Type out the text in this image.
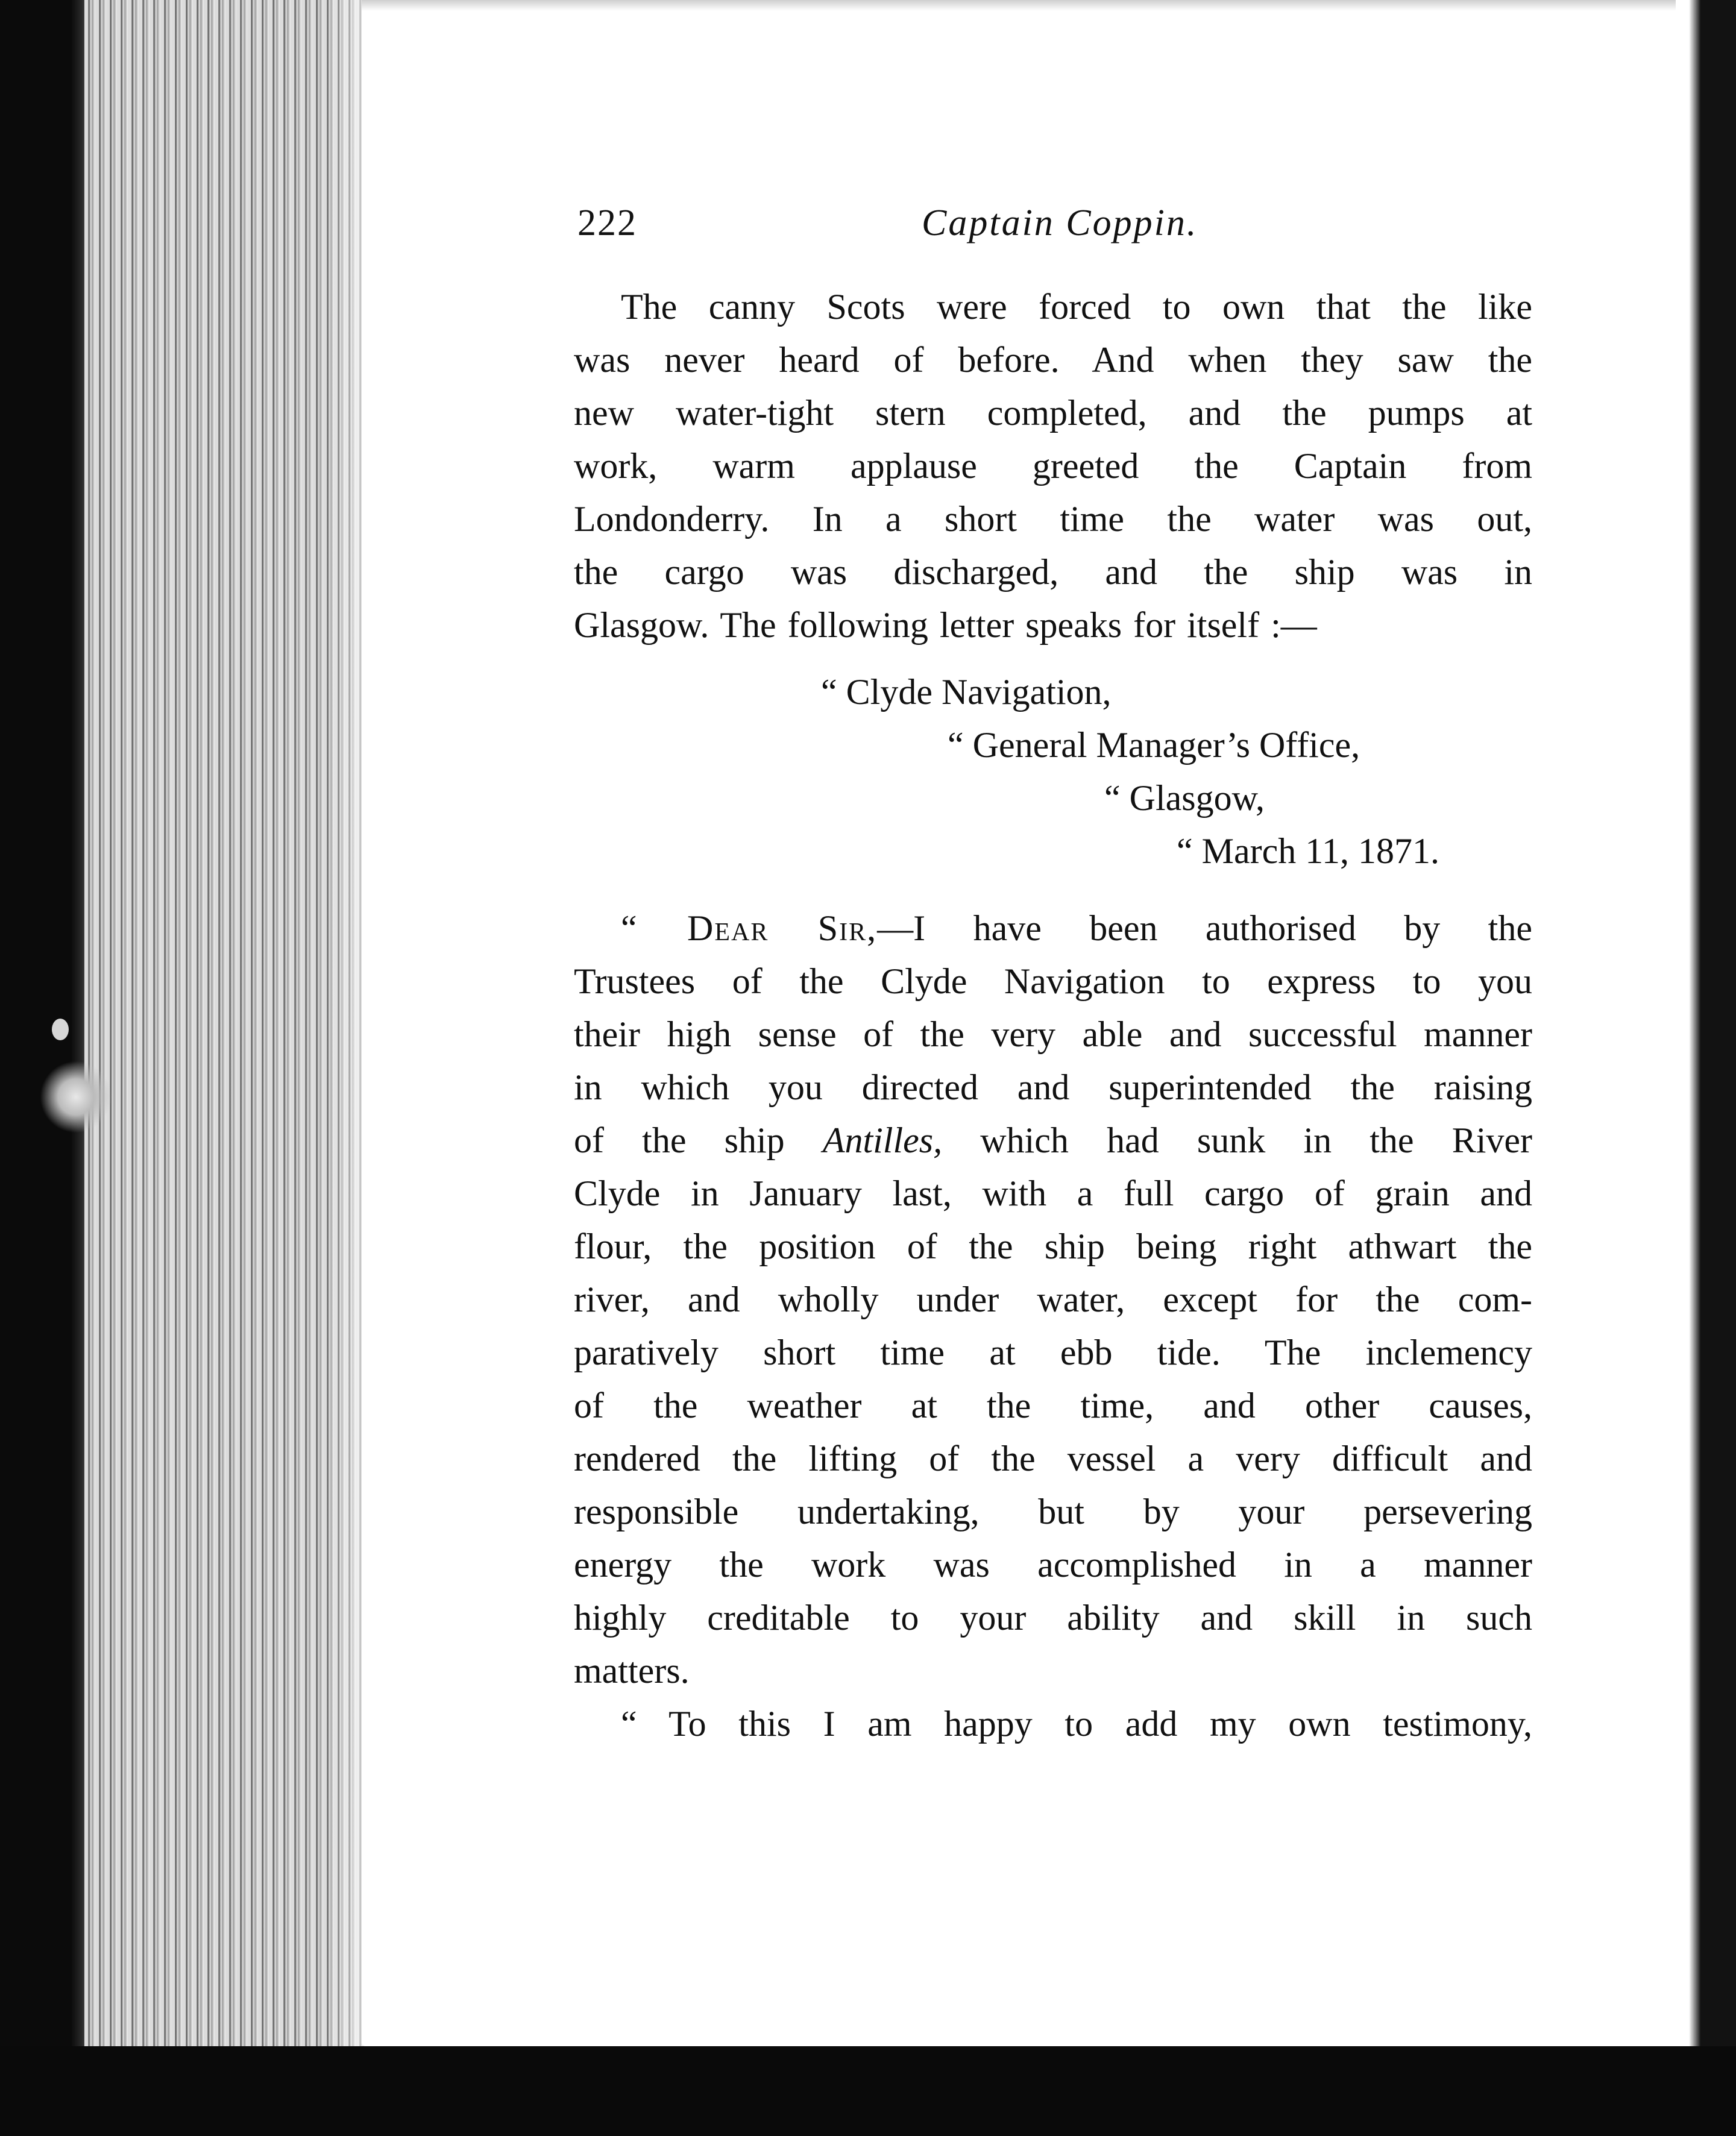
222	Captain Coppin.
The canny Scots were forced to own that the like
was never heard of before. And when they saw the
new water-tight stern completed, and the pumps at
work, warm applause greeted the Captain from
Londonderry. In a short time the water was out,
the cargo was discharged, and the ship was in
Glasgow. The following letter speaks for itself :—
“ Clyde Navigation,
“ General Manager’s Office,
“ Glasgow,
“ March 11, 1871.
“ Dear Sir,—I have been authorised by the
Trustees of the Clyde Navigation to express to you
their high sense of the very able and successful manner
in which you directed and superintended the raising
of the ship Antilles, which had sunk in the River
Clyde in January last, with a full cargo of grain and
flour, the position of the ship being right athwart the
river, and wholly under water, except for the com-
paratively short time at ebb tide. The inclemency
of the weather at the time, and other causes,
rendered the lifting of the vessel a very difficult and
responsible undertaking, but by your persevering
energy the work was accomplished in a manner
highly creditable to your ability and skill in such
matters.
“ To this I am happy to add my own testimony,
